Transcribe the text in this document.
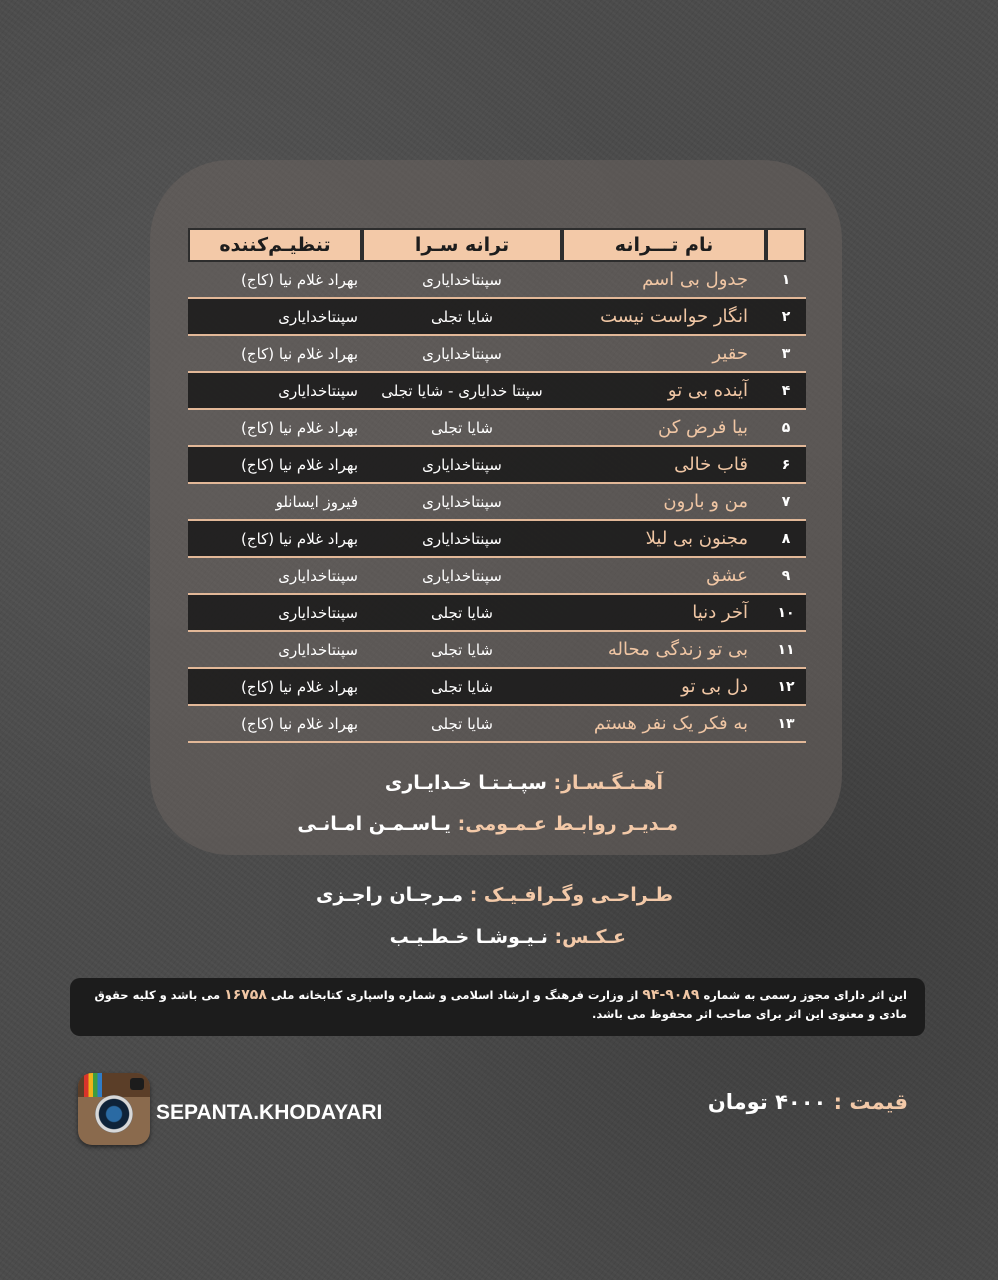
نام تـــرانه
ترانه سـرا
تنظیـم‌کننده
۱
جدول بی اسم
سپنتاخدایاری
بهراد غلام نیا (کاج)
۲
انگار حواست نیست
شایا تجلی
سپنتاخدایاری
۳
حقیر
سپنتاخدایاری
بهراد غلام نیا (کاج)
۴
آینده بی تو
سپنتا خدایاری - شایا تجلی
سپنتاخدایاری
۵
بیا فرض کن
شایا تجلی
بهراد غلام نیا (کاج)
۶
قاب خالی
سپنتاخدایاری
بهراد غلام نیا (کاج)
۷
من و بارون
سپنتاخدایاری
فیروز ایسانلو
۸
مجنون بی لیلا
سپنتاخدایاری
بهراد غلام نیا (کاج)
۹
عشق
سپنتاخدایاری
سپنتاخدایاری
۱۰
آخر دنیا
شایا تجلی
سپنتاخدایاری
۱۱
بی تو زندگی محاله
شایا تجلی
سپنتاخدایاری
۱۲
دل بی تو
شایا تجلی
بهراد غلام نیا (کاج)
۱۳
به فکر یک نفر هستم
شایا تجلی
بهراد غلام نیا (کاج)
آهـنـگـسـاز: سپـنـتـا خـدایـاری
مـدیـر روابـط عـمـومی: یـاسـمـن امـانـی
طـراحـی وگـرافـیـک : مـرجـان راجـزی
عـکـس: نـیـوشـا خـطـیـب
این اثر دارای مجوز رسمی به شماره ۹۰۸۹-۹۴ از وزارت فرهنگ و ارشاد اسلامی و شماره واسپاری کتابخانه ملی ۱۶۷۵۸ می باشد و کلیه حقوق مادی و معنوی این اثر برای صاحب اثر محفوظ می باشد.
SEPANTA.KHODAYARI	قیمت : ۴۰۰۰ تومان
